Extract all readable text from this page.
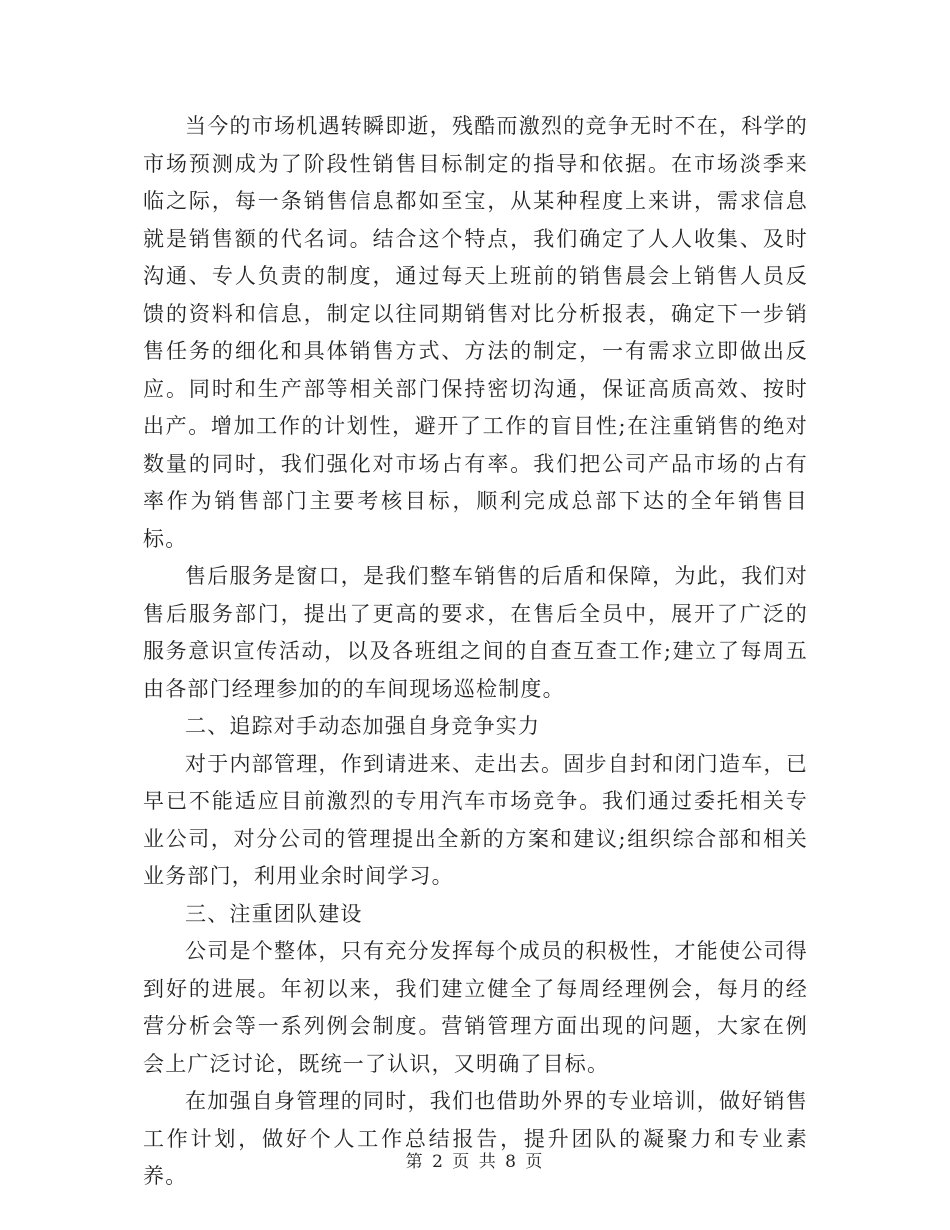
当今的市场机遇转瞬即逝，残酷而激烈的竞争无时不在，科学的市场预测成为了阶段性销售目标制定的指导和依据。在市场淡季来临之际，每一条销售信息都如至宝，从某种程度上来讲，需求信息就是销售额的代名词。结合这个特点，我们确定了人人收集、及时沟通、专人负责的制度，通过每天上班前的销售晨会上销售人员反馈的资料和信息，制定以往同期销售对比分析报表，确定下一步销售任务的细化和具体销售方式、方法的制定，一有需求立即做出反应。同时和生产部等相关部门保持密切沟通，保证高质高效、按时出产。增加工作的计划性，避开了工作的盲目性;在注重销售的绝对数量的同时，我们强化对市场占有率。我们把公司产品市场的占有率作为销售部门主要考核目标，顺利完成总部下达的全年销售目标。

售后服务是窗口，是我们整车销售的后盾和保障，为此，我们对售后服务部门，提出了更高的要求，在售后全员中，展开了广泛的服务意识宣传活动，以及各班组之间的自查互查工作;建立了每周五由各部门经理参加的的车间现场巡检制度。

二、追踪对手动态加强自身竞争实力

对于内部管理，作到请进来、走出去。固步自封和闭门造车，已早已不能适应目前激烈的专用汽车市场竞争。我们通过委托相关专业公司，对分公司的管理提出全新的方案和建议;组织综合部和相关业务部门，利用业余时间学习。

三、注重团队建设

公司是个整体，只有充分发挥每个成员的积极性，才能使公司得到好的进展。年初以来，我们建立健全了每周经理例会，每月的经营分析会等一系列例会制度。营销管理方面出现的问题，大家在例会上广泛讨论，既统一了认识，又明确了目标。

在加强自身管理的同时，我们也借助外界的专业培训，做好销售工作计划，做好个人工作总结报告，提升团队的凝聚力和专业素养。

第 2 页 共 8 页
